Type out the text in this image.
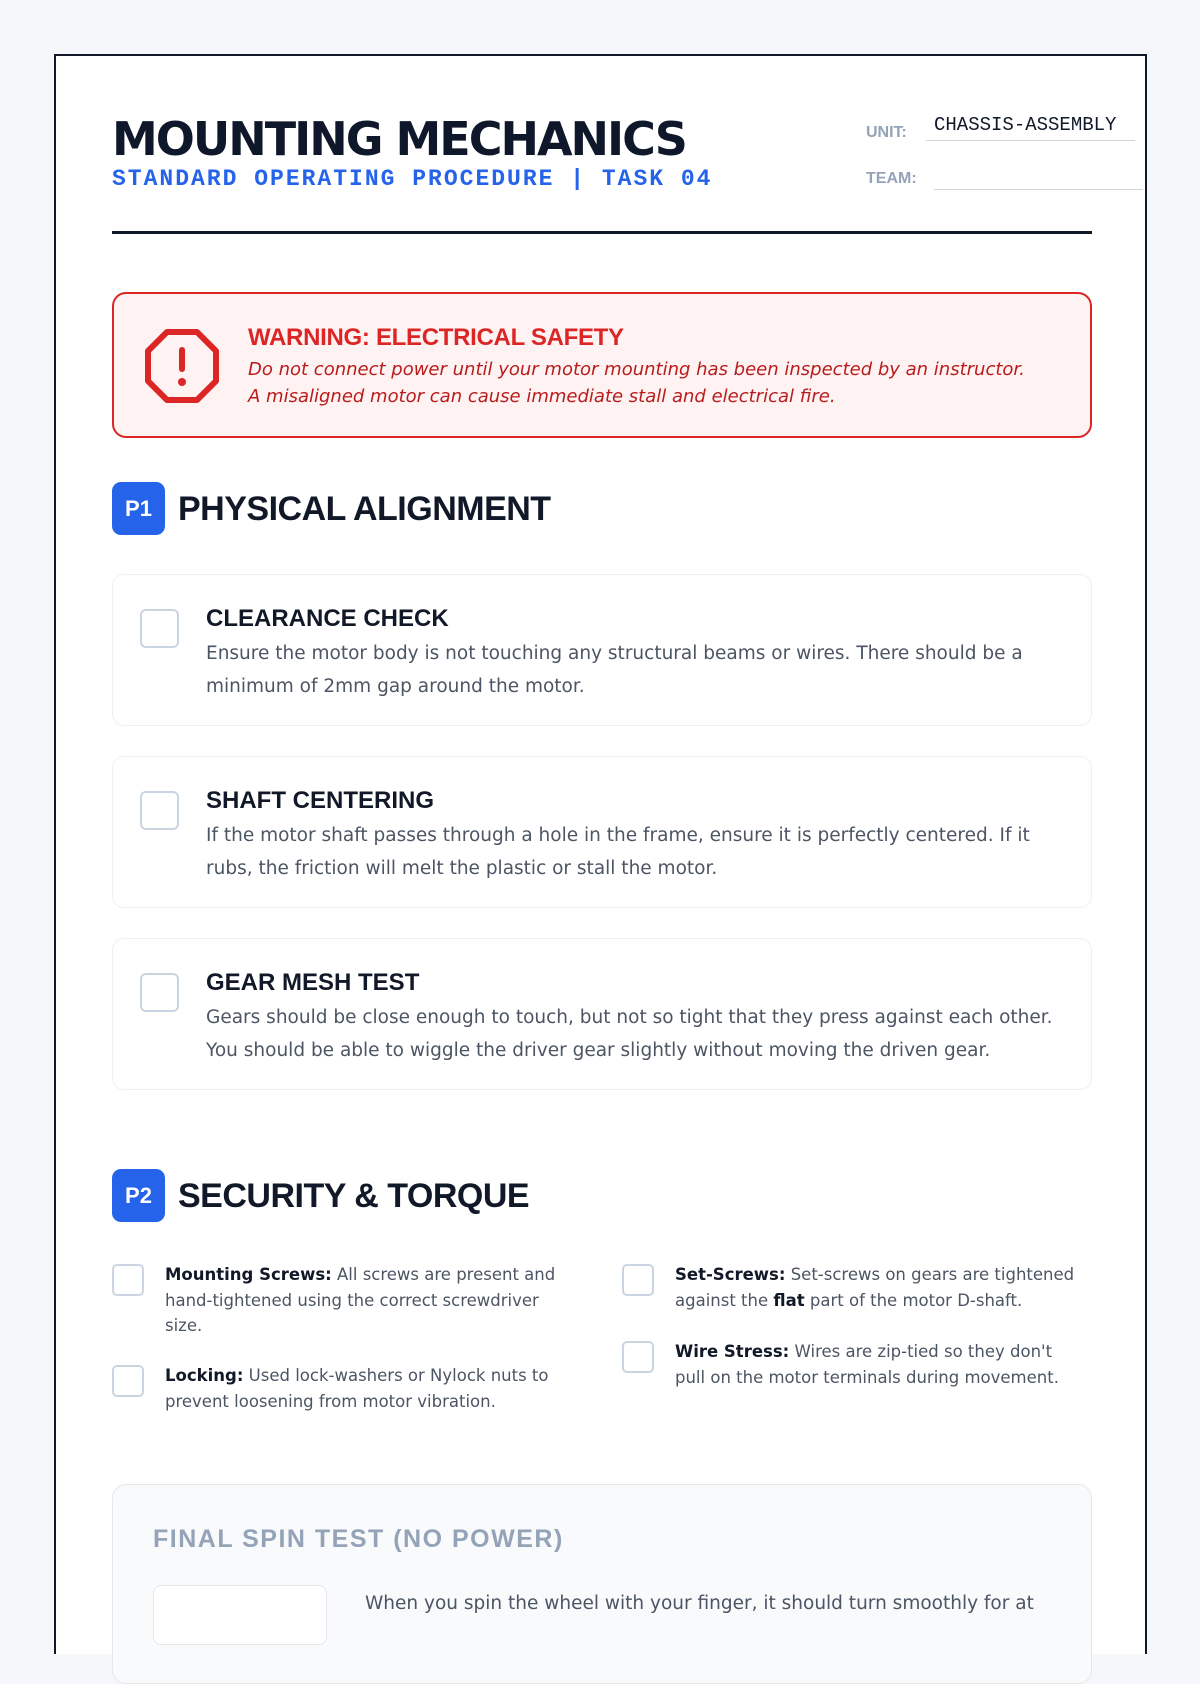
MOUNTING MECHANICS
STANDARD OPERATING PROCEDURE | TASK 04
UNIT:	CHASSIS-ASSEMBLY
TEAM:
WARNING: ELECTRICAL SAFETY
Do not connect power until your motor mounting has been inspected by an instructor.
A misaligned motor can cause immediate stall and electrical fire.
P1 PHYSICAL ALIGNMENT
CLEARANCE CHECK
Ensure the motor body is not touching any structural beams or wires. There should be a
minimum of 2mm gap around the motor.
SHAFT CENTERING
If the motor shaft passes through a hole in the frame, ensure it is perfectly centered. If it
rubs, the friction will melt the plastic or stall the motor.
GEAR MESH TEST
Gears should be close enough to touch, but not so tight that they press against each other.
You should be able to wiggle the driver gear slightly without moving the driven gear.
P2 SECURITY & TORQUE
Mounting Screws: All screws are present and
hand-tightened using the correct screwdriver
size.
Locking: Used lock-washers or Nylock nuts to
prevent loosening from motor vibration.
Set-Screws: Set-screws on gears are tightened
against the flat part of the motor D-shaft.
Wire Stress: Wires are zip-tied so they don't
pull on the motor terminals during movement.
FINAL SPIN TEST (NO POWER)
When you spin the wheel with your finger, it should turn smoothly for at
